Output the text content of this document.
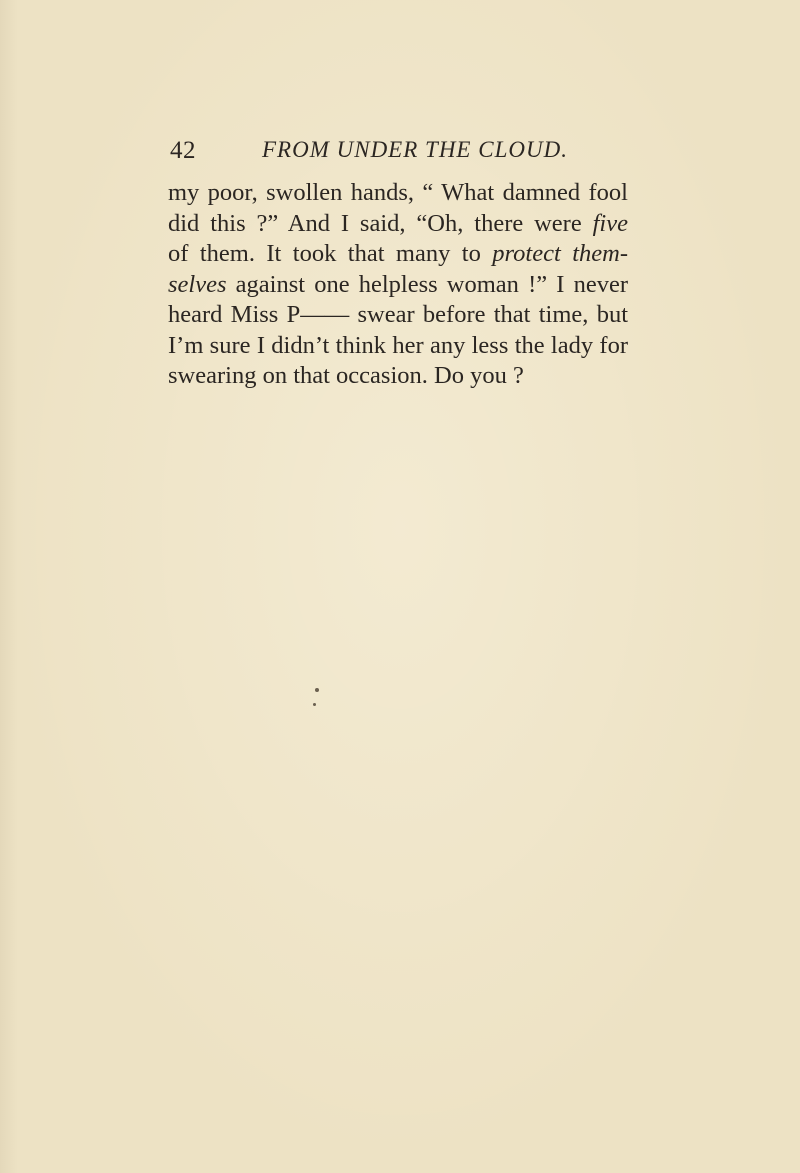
42	FROM UNDER THE CLOUD.
my poor, swollen hands, “ What damned fool
did this ?” And I said, “Oh, there were five
of them. It took that many to protect them-
selves against one helpless woman !” I never
heard Miss P—— swear before that time, but
I’m sure I didn’t think her any less the lady for
swearing on that occasion. Do you ?
